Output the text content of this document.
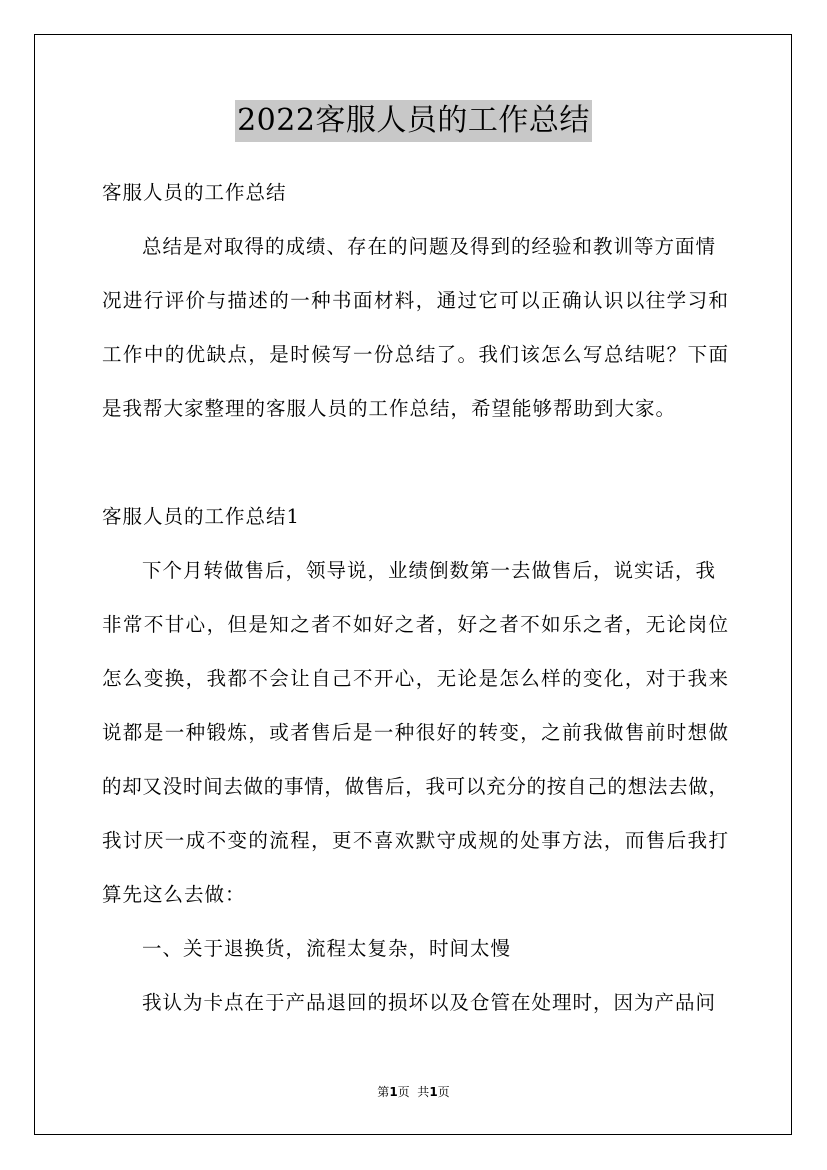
2022客服人员的工作总结
客服人员的工作总结
总结是对取得的成绩、存在的问题及得到的经验和教训等方面情
况进行评价与描述的一种书面材料，通过它可以正确认识以往学习和
工作中的优缺点，是时候写一份总结了。我们该怎么写总结呢？下面
是我帮大家整理的客服人员的工作总结，希望能够帮助到大家。
客服人员的工作总结1
下个月转做售后，领导说，业绩倒数第一去做售后，说实话，我
非常不甘心，但是知之者不如好之者，好之者不如乐之者，无论岗位
怎么变换，我都不会让自己不开心，无论是怎么样的变化，对于我来
说都是一种锻炼，或者售后是一种很好的转变，之前我做售前时想做
的却又没时间去做的事情，做售后，我可以充分的按自己的想法去做，
我讨厌一成不变的流程，更不喜欢默守成规的处事方法，而售后我打
算先这么去做：
一、关于退换货，流程太复杂，时间太慢
我认为卡点在于产品退回的损坏以及仓管在处理时，因为产品问
第1页  共1页
